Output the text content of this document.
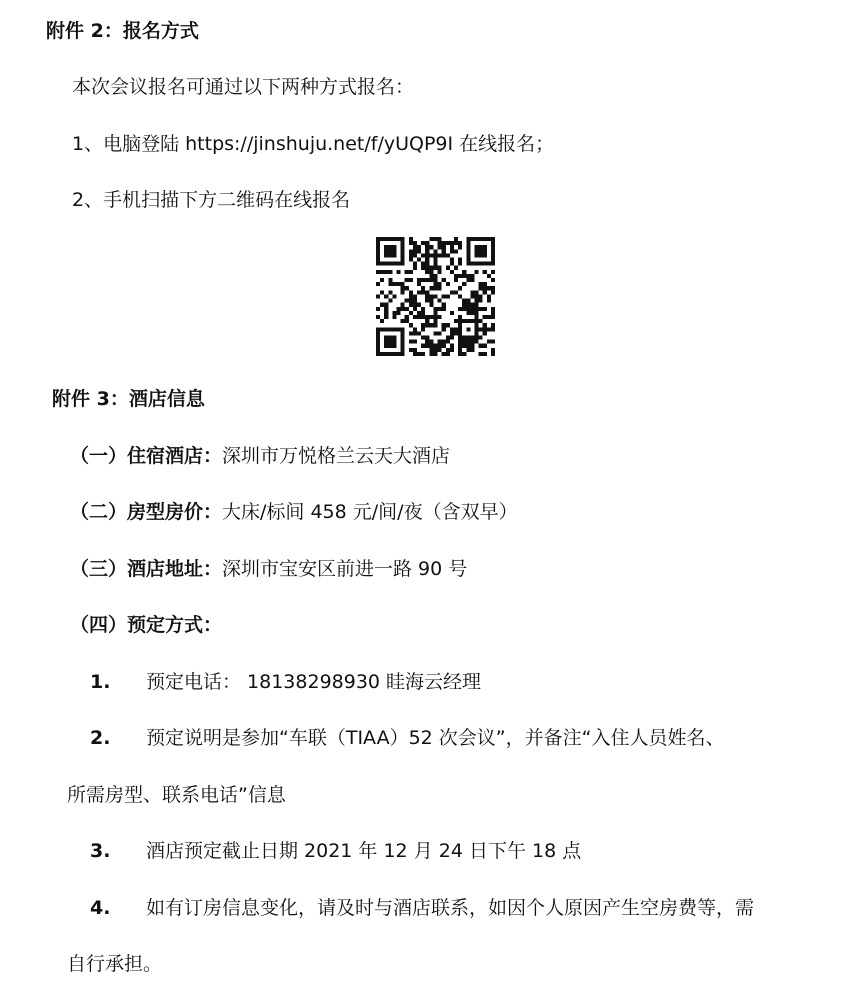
附件 2：报名方式
本次会议报名可通过以下两种方式报名：
1、电脑登陆 https://jinshuju.net/f/yUQP9I 在线报名；
2、手机扫描下方二维码在线报名
附件 3：酒店信息
（一）住宿酒店：深圳市万悦格兰云天大酒店
（二）房型房价：大床/标间 458 元/间/夜（含双早）
（三）酒店地址：深圳市宝安区前进一路 90 号
（四）预定方式：
1. 预定电话： 18138298930 眭海云经理
2. 预定说明是参加“车联（TIAA）52 次会议”，并备注“入住人员姓名、
所需房型、联系电话”信息
3. 酒店预定截止日期 2021 年 12 月 24 日下午 18 点
4. 如有订房信息变化，请及时与酒店联系，如因个人原因产生空房费等，需
自行承担。
